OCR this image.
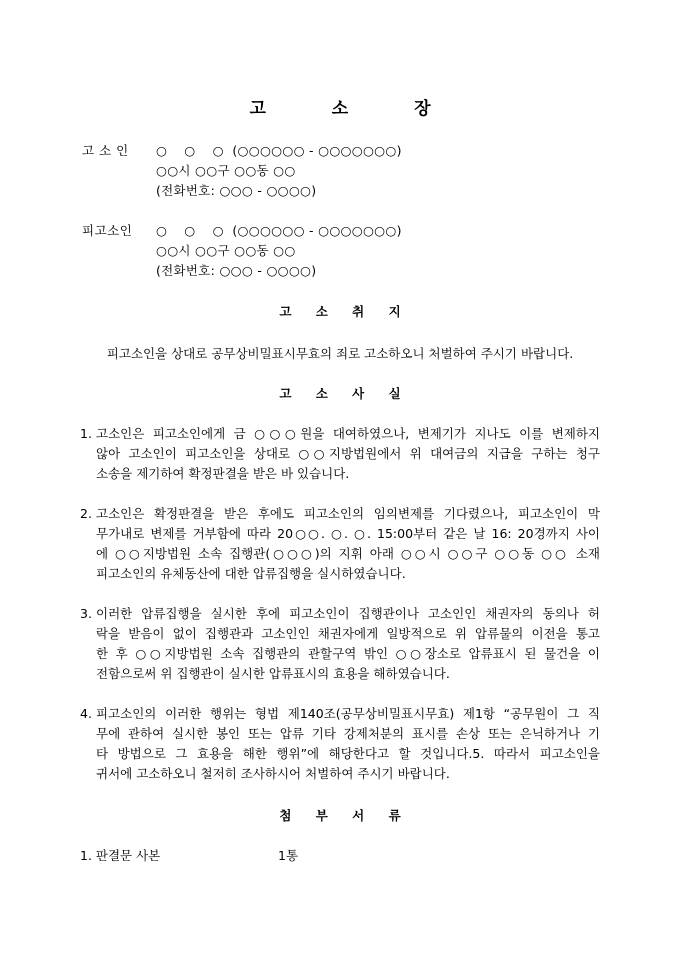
고 소 장
고 소 인	○    ○    ○  (○○○○○○ - ○○○○○○○)
○○시 ○○구 ○○동 ○○
(전화번호: ○○○ - ○○○○)
피고소인	○    ○    ○  (○○○○○○ - ○○○○○○○)
○○시 ○○구 ○○동 ○○
(전화번호: ○○○ - ○○○○)
고 소 취 지
피고소인을 상대로 공무상비밀표시무효의 죄로 고소하오니 처벌하여 주시기 바랍니다.
고 소 사 실
1. 고소인은 피고소인에게 금 ○○○원을 대여하였으나, 변제기가 지나도 이를 변제하지
않아 고소인이 피고소인을 상대로 ○○지방법원에서 위 대여금의 지급을 구하는 청구
소송을 제기하여 확정판결을 받은 바 있습니다.
2. 고소인은 확정판결을 받은 후에도 피고소인의 임의변제를 기다렸으나, 피고소인이 막
무가내로 변제를 거부함에 따라 20○○. ○. ○. 15:00부터 같은 날 16: 20경까지 사이
에 ○○지방법원 소속 집행관(○○○)의 지휘 아래 ○○시 ○○구 ○○동 ○○ 소재
피고소인의 유체동산에 대한 압류집행을 실시하였습니다.
3. 이러한 압류집행을 실시한 후에 피고소인이 집행관이나 고소인인 채권자의 동의나 허
락을 받음이 없이 집행관과 고소인인 채권자에게 일방적으로 위 압류물의 이전을 통고
한 후 ○○지방법원 소속 집행관의 관할구역 밖인 ○○장소로 압류표시 된 물건을 이
전함으로써 위 집행관이 실시한 압류표시의 효용을 해하였습니다.
4. 피고소인의 이러한 행위는 형법 제140조(공무상비밀표시무효) 제1항 “공무원이 그 직
무에 관하여 실시한 봉인 또는 압류 기타 강제처분의 표시를 손상 또는 은닉하거나 기
타 방법으로 그 효용을 해한 행위”에 해당한다고 할 것입니다.5. 따라서 피고소인을
귀서에 고소하오니 철저히 조사하시어 처벌하여 주시기 바랍니다.
첨 부 서 류
1. 판결문 사본	1통
